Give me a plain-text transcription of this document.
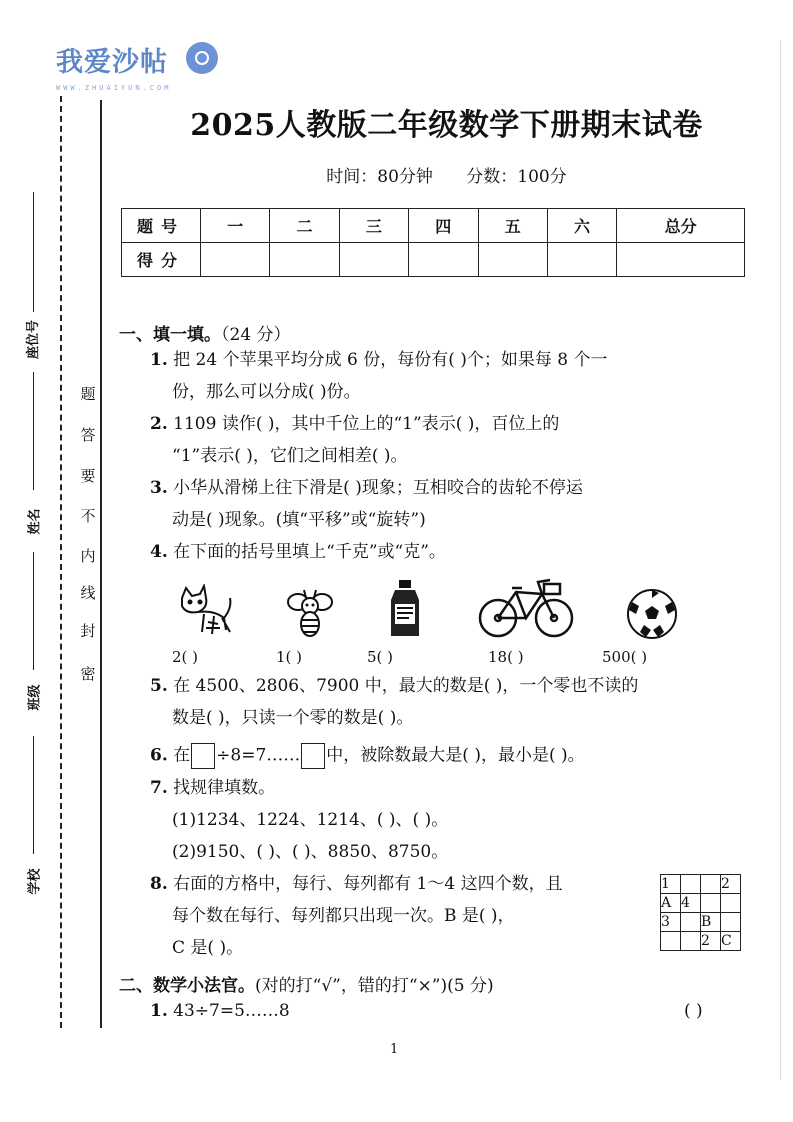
我爱沙帖
WWW.ZHUAIYUN.COM
座位号
姓名
班级
学校
密
封
线
内
不
要
答
题
2025人教版二年级数学下册期末试卷
时间：80分钟 分数：100分
题号	一	二	三	四	五	六	总分
得分							
一、填一填。（24 分）
1. 把 24 个苹果平均分成 6 份，每份有( )个；如果每 8 个一
份，那么可以分成( )份。
2. 1109 读作( )，其中千位上的“1”表示( )，百位上的
“1”表示( )，它们之间相差( )。
3. 小华从滑梯上往下滑是( )现象；互相咬合的齿轮不停运
动是( )现象。(填“平移”或“旋转”)
4. 在下面的括号里填上“千克”或“克”。
2( )	1( )	5( )	18( )	500( )
5. 在 4500、2806、7900 中，最大的数是( )，一个零也不读的
数是( )，只读一个零的数是( )。
6. 在 ÷8=7…… 中，被除数最大是( )，最小是( )。
7. 找规律填数。
(1)1234、1224、1214、( )、( )。
(2)9150、( )、( )、8850、8750。
8. 右面的方格中，每行、每列都有 1～4 这四个数，且
每个数在每行、每列都只出现一次。B 是( )，
C 是( )。
1			2
A	4		
3		B	
		2	C
二、数学小法官。(对的打“√”，错的打“×”)(5 分)
1. 43÷7=5……8	( )
1
